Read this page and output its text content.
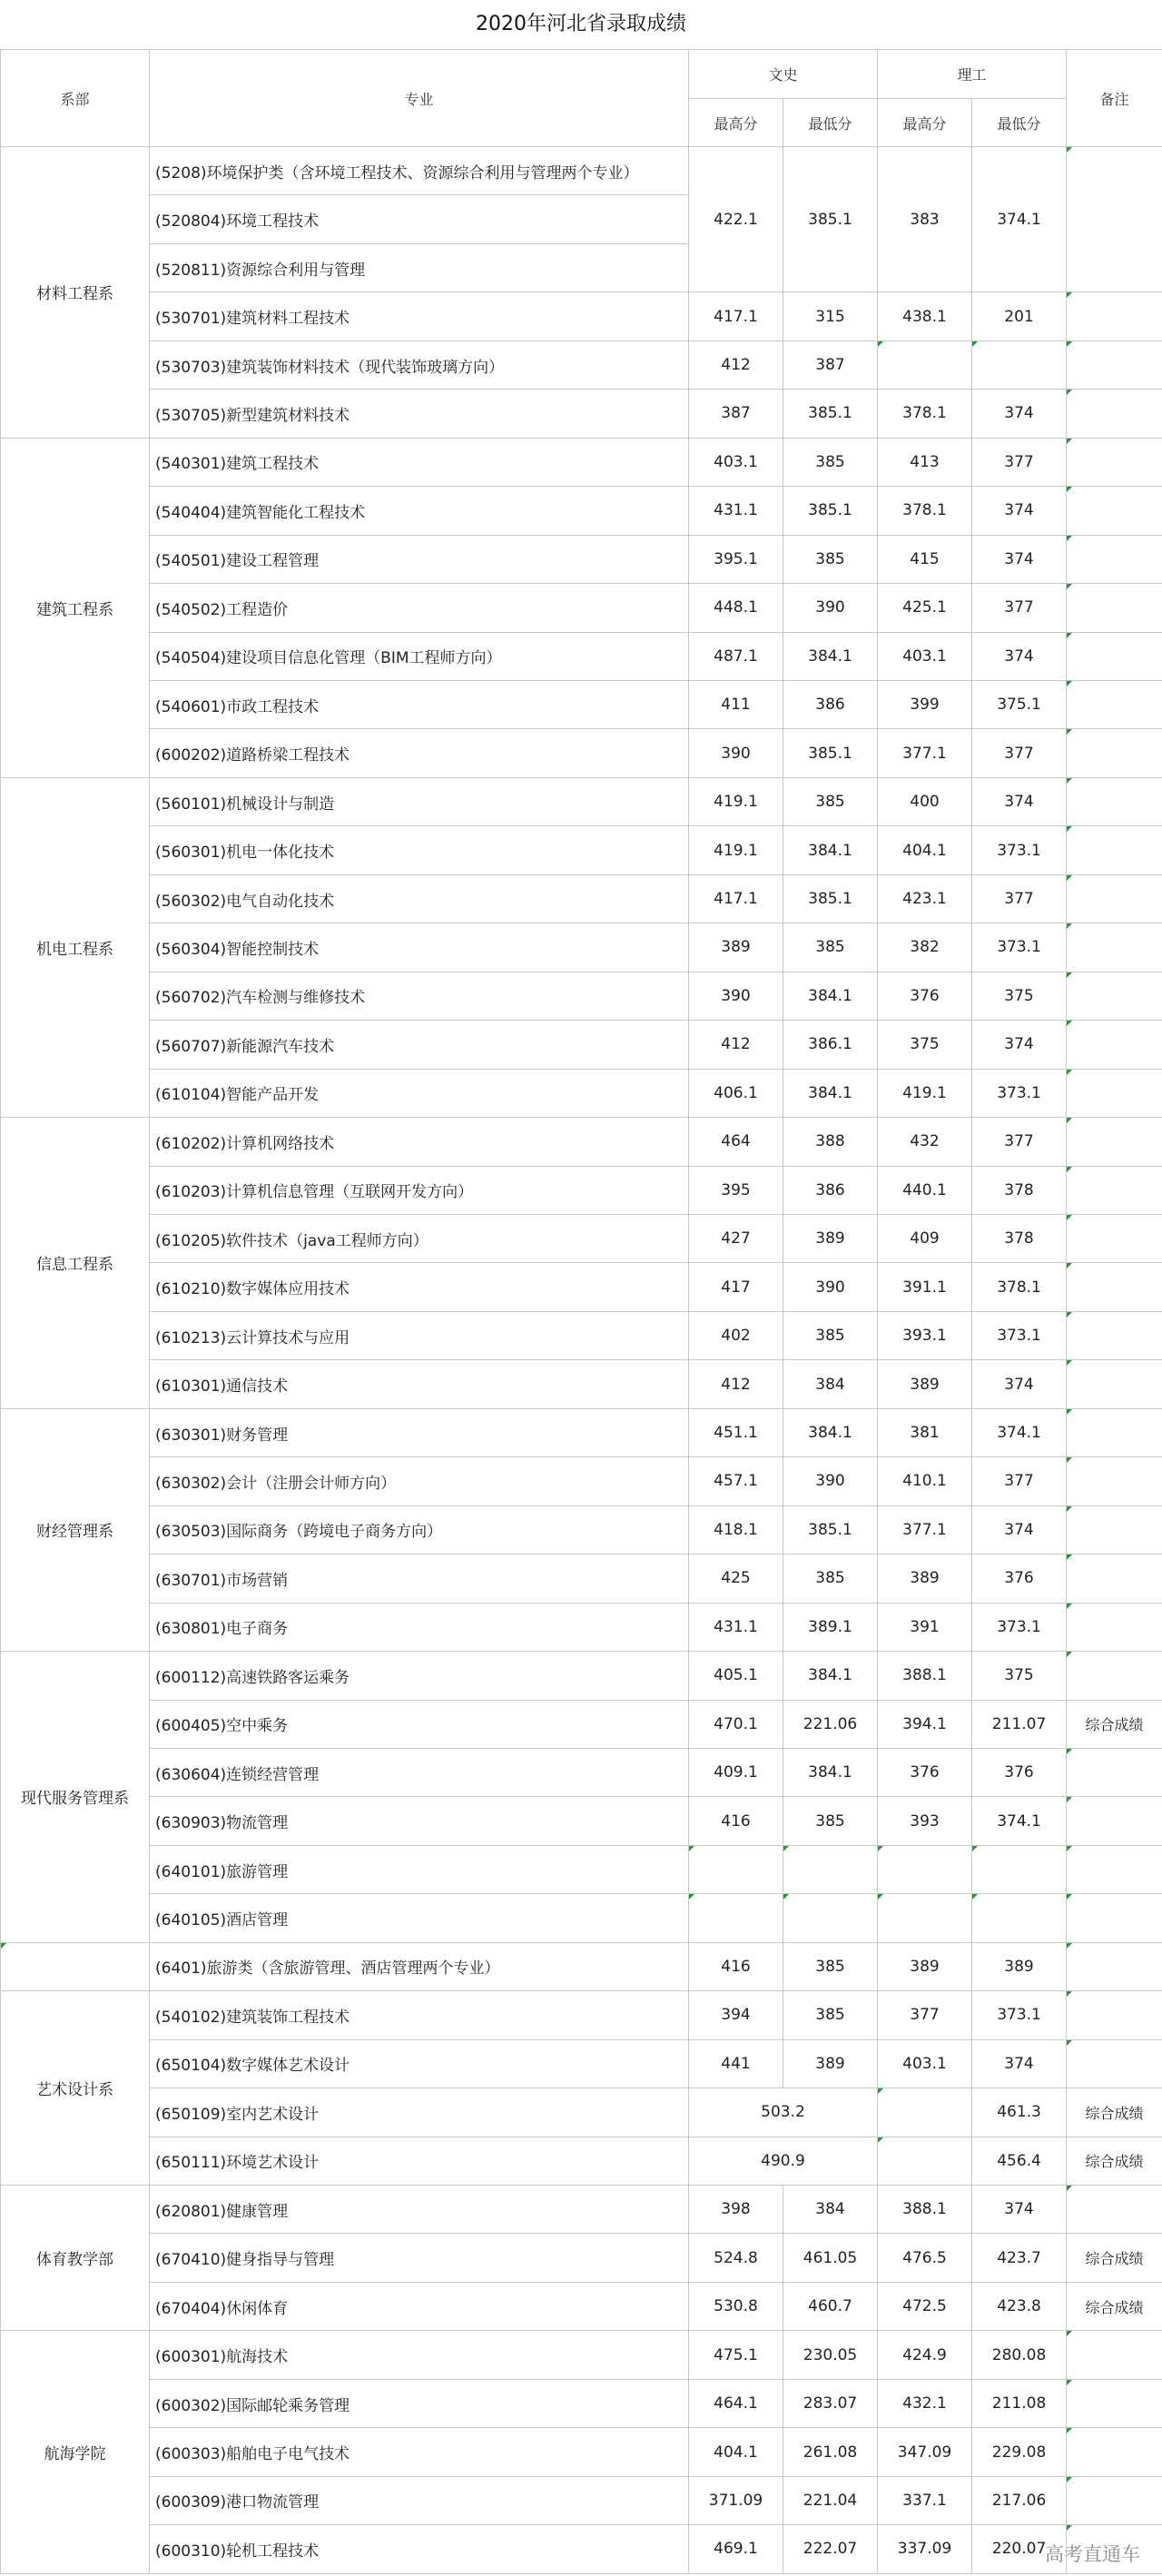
2020年河北省录取成绩
系部	专业	文史		理工		备注
		最高分	最低分	最高分	最低分	
材料工程系	(5208)环境保护类（含环境工程技术、资源综合利用与管理两个专业）	422.1	385.1	383	374.1	
	(520804)环境工程技术					
	(520811)资源综合利用与管理					
	(530701)建筑材料工程技术	417.1	315	438.1	201	
	(530703)建筑装饰材料技术（现代装饰玻璃方向）	412	387			
	(530705)新型建筑材料技术	387	385.1	378.1	374	
建筑工程系	(540301)建筑工程技术	403.1	385	413	377	
	(540404)建筑智能化工程技术	431.1	385.1	378.1	374	
	(540501)建设工程管理	395.1	385	415	374	
	(540502)工程造价	448.1	390	425.1	377	
	(540504)建设项目信息化管理（BIM工程师方向）	487.1	384.1	403.1	374	
	(540601)市政工程技术	411	386	399	375.1	
	(600202)道路桥梁工程技术	390	385.1	377.1	377	
机电工程系	(560101)机械设计与制造	419.1	385	400	374	
	(560301)机电一体化技术	419.1	384.1	404.1	373.1	
	(560302)电气自动化技术	417.1	385.1	423.1	377	
	(560304)智能控制技术	389	385	382	373.1	
	(560702)汽车检测与维修技术	390	384.1	376	375	
	(560707)新能源汽车技术	412	386.1	375	374	
	(610104)智能产品开发	406.1	384.1	419.1	373.1	
信息工程系	(610202)计算机网络技术	464	388	432	377	
	(610203)计算机信息管理（互联网开发方向）	395	386	440.1	378	
	(610205)软件技术（java工程师方向）	427	389	409	378	
	(610210)数字媒体应用技术	417	390	391.1	378.1	
	(610213)云计算技术与应用	402	385	393.1	373.1	
	(610301)通信技术	412	384	389	374	
财经管理系	(630301)财务管理	451.1	384.1	381	374.1	
	(630302)会计（注册会计师方向）	457.1	390	410.1	377	
	(630503)国际商务（跨境电子商务方向）	418.1	385.1	377.1	374	
	(630701)市场营销	425	385	389	376	
	(630801)电子商务	431.1	389.1	391	373.1	
现代服务管理系	(600112)高速铁路客运乘务	405.1	384.1	388.1	375	
	(600405)空中乘务	470.1	221.06	394.1	211.07	综合成绩
	(630604)连锁经营管理	409.1	384.1	376	376	
	(630903)物流管理	416	385	393	374.1	
	(640101)旅游管理					
	(640105)酒店管理					
	(6401)旅游类（含旅游管理、酒店管理两个专业）	416	385	389	389	
艺术设计系	(540102)建筑装饰工程技术	394	385	377	373.1	
	(650104)数字媒体艺术设计	441	389	403.1	374	
	(650109)室内艺术设计	503.2			461.3	综合成绩
	(650111)环境艺术设计	490.9			456.4	综合成绩
体育教学部	(620801)健康管理	398	384	388.1	374	
	(670410)健身指导与管理	524.8	461.05	476.5	423.7	综合成绩
	(670404)休闲体育	530.8	460.7	472.5	423.8	综合成绩
航海学院	(600301)航海技术	475.1	230.05	424.9	280.08	
	(600302)国际邮轮乘务管理	464.1	283.07	432.1	211.08	
	(600303)船舶电子电气技术	404.1	261.08	347.09	229.08	
	(600309)港口物流管理	371.09	221.04	337.1	217.06	
	(600310)轮机工程技术	469.1	222.07	337.09	220.07	
高考直通车
